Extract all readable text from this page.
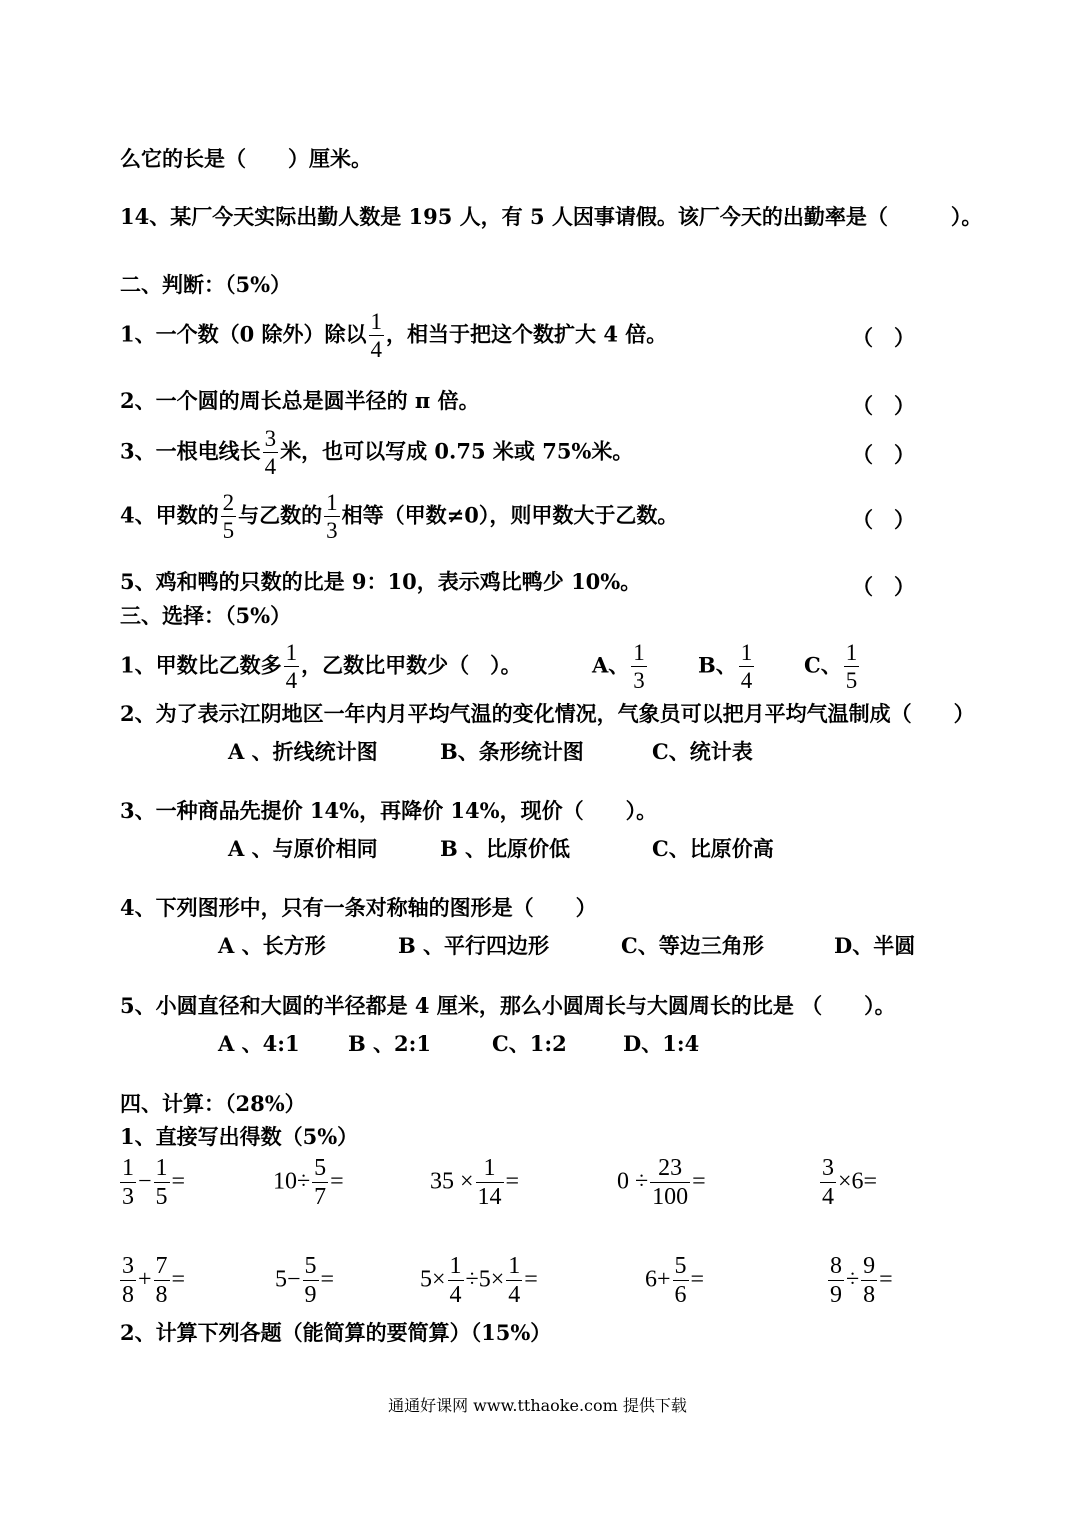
么它的长是（　　）厘米。
14、某厂今天实际出勤人数是 195 人，有 5 人因事请假。该厂今天的出勤率是（　　　）。
二、判断：（5%）
1、一个数（0 除外）除以 $\frac{1}{4}$ ，相当于把这个数扩大 4 倍。	（　）
2、一个圆的周长总是圆半径的 π 倍。	（　）
3、一根电线长 $\frac{3}{4}$ 米，也可以写成 0.75 米或 75%米。	（　）
4、甲数的 $\frac{2}{5}$ 与乙数的 $\frac{1}{3}$ 相等（甲数≠0），则甲数大于乙数。	（　）
5、鸡和鸭的只数的比是 9：10，表示鸡比鸭少 10%。	（　）
三、选择：（5%）
1、甲数比乙数多 $\frac{1}{4}$ ，乙数比甲数少（　）。	A、 $\frac{1}{3}$ B、 $\frac{1}{4}$ C、 $\frac{1}{5}$
2、为了表示江阴地区一年内月平均气温的变化情况，气象员可以把月平均气温制成（　　）
A 、折线统计图	B、条形统计图	C、统计表
3、一种商品先提价 14%，再降价 14%，现价（　　）。
A 、与原价相同	B 、比原价低	C、比原价高
4、下列图形中，只有一条对称轴的图形是（　　）
A 、长方形	B 、平行四边形	C、等边三角形	D、半圆
5、小圆直径和大圆的半径都是 4 厘米，那么小圆周长与大圆周长的比是 （　　）。
A 、4:1 B 、2:1	C、1:2	D、1:4
四、计算：（28%）
1、直接写出得数（5%）
$\frac{1}{3} - \frac{1}{5}$ =	$10\div \frac{5}{7}$ =	$35 \times \frac{1}{14}$ =	$0 \div \frac{23}{100}$ =	$\frac{3}{4} \times 6=$
$\frac{3}{8} + \frac{7}{8}$ =	$5- \frac{5}{9}$ =	$5\times \frac{1}{4} \div 5\times \frac{1}{4}$ =	$6+ \frac{5}{6}$ =	$\frac{8}{9} \div \frac{9}{8}$ =
2、计算下列各题（能简算的要简算）（15%）
通通好课网 www.tthaoke.com 提供下载
